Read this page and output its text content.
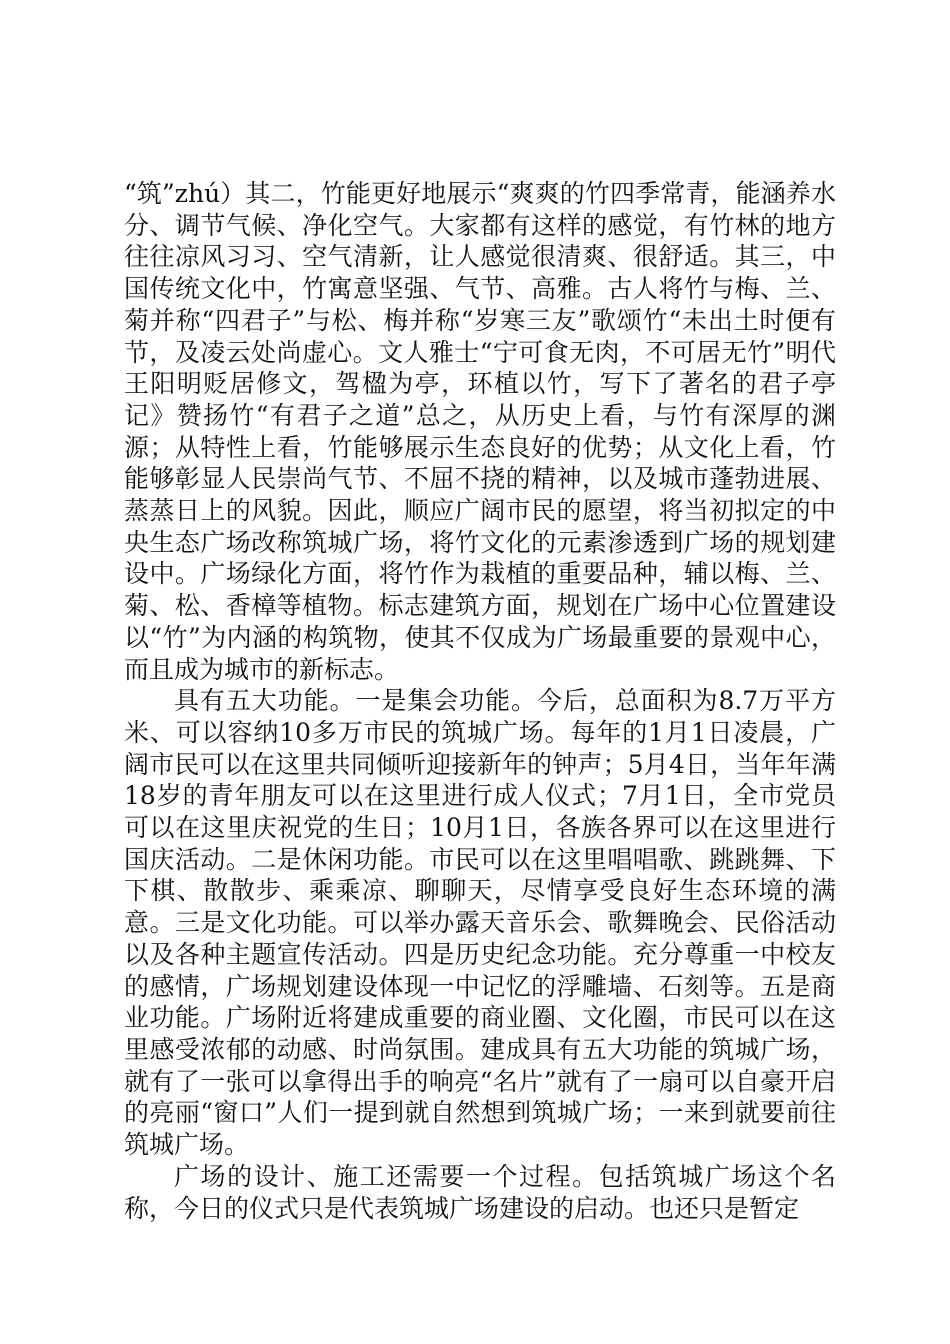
“筑”zhú）其二，竹能更好地展示“爽爽的竹四季常青，能涵养水分、调节气候、净化空气。大家都有这样的感觉，有竹林的地方往往凉风习习、空气清新，让人感觉很清爽、很舒适。其三，中国传统文化中，竹寓意坚强、气节、高雅。古人将竹与梅、兰、菊并称“四君子”与松、梅并称“岁寒三友”歌颂竹“未出土时便有节，及凌云处尚虚心。文人雅士“宁可食无肉，不可居无竹”明代王阳明贬居修文，驾楹为亭，环植以竹，写下了著名的君子亭记》赞扬竹“有君子之道”总之，从历史上看，与竹有深厚的渊源；从特性上看，竹能够展示生态良好的优势；从文化上看，竹能够彰显人民崇尚气节、不屈不挠的精神，以及城市蓬勃进展、蒸蒸日上的风貌。因此，顺应广阔市民的愿望，将当初拟定的中央生态广场改称筑城广场，将竹文化的元素渗透到广场的规划建设中。广场绿化方面，将竹作为栽植的重要品种，辅以梅、兰、菊、松、香樟等植物。标志建筑方面，规划在广场中心位置建设以“竹”为内涵的构筑物，使其不仅成为广场最重要的景观中心，而且成为城市的新标志。

具有五大功能。一是集会功能。今后，总面积为8.7万平方米、可以容纳10多万市民的筑城广场。每年的1月1日凌晨，广阔市民可以在这里共同倾听迎接新年的钟声；5月4日，当年年满18岁的青年朋友可以在这里进行成人仪式；7月1日，全市党员可以在这里庆祝党的生日；10月1日，各族各界可以在这里进行国庆活动。二是休闲功能。市民可以在这里唱唱歌、跳跳舞、下下棋、散散步、乘乘凉、聊聊天，尽情享受良好生态环境的满意。三是文化功能。可以举办露天音乐会、歌舞晚会、民俗活动以及各种主题宣传活动。四是历史纪念功能。充分尊重一中校友的感情，广场规划建设体现一中记忆的浮雕墙、石刻等。五是商业功能。广场附近将建成重要的商业圈、文化圈，市民可以在这里感受浓郁的动感、时尚氛围。建成具有五大功能的筑城广场，就有了一张可以拿得出手的响亮“名片”就有了一扇可以自豪开启的亮丽“窗口”人们一提到就自然想到筑城广场；一来到就要前往筑城广场。

广场的设计、施工还需要一个过程。包括筑城广场这个名称，今日的仪式只是代表筑城广场建设的启动。也还只是暂定
